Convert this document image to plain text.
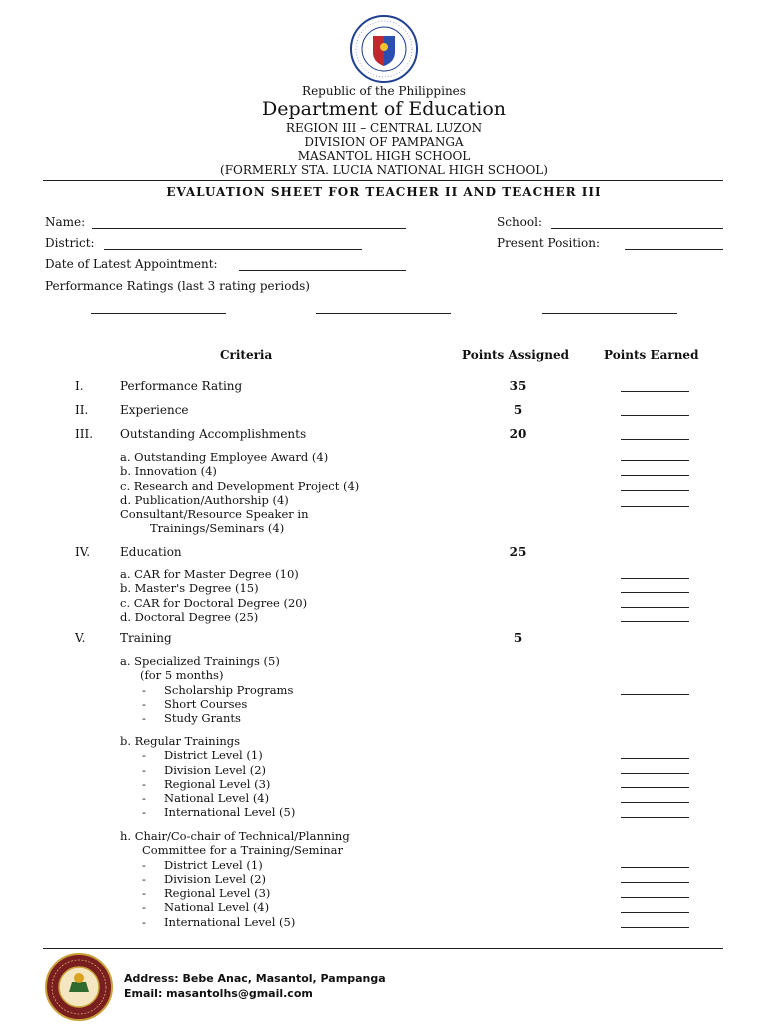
Republic of the Philippines
Department of Education
REGION III – CENTRAL LUZON
DIVISION OF PAMPANGA
MASANTOL HIGH SCHOOL
(FORMERLY STA. LUCIA NATIONAL HIGH SCHOOL)
EVALUATION SHEET FOR TEACHER II AND TEACHER III
Name:	School:
District:	Present Position:
Date of Latest Appointment:
Performance Ratings (last 3 rating periods)
Criteria	Points Assigned	Points Earned
I.	Performance Rating	35
II.	Experience	5
III. Outstanding Accomplishments	20
a. Outstanding Employee Award (4)
b. Innovation (4)
c. Research and Development Project (4)
d. Publication/Authorship (4)
Consultant/Resource Speaker in
Trainings/Seminars (4)
IV. Education	25
a. CAR for Master Degree (10)
b. Master's Degree (15)
c. CAR for Doctoral Degree (20)
d. Doctoral Degree (25)
V.	Training	5
a. Specialized Trainings (5)
(for 5 months)
- Scholarship Programs
- Short Courses
- Study Grants
b. Regular Trainings
- District Level (1)
- Division Level (2)
- Regional Level (3)
- National Level (4)
- International Level (5)
h. Chair/Co-chair of Technical/Planning
Committee for a Training/Seminar
- District Level (1)
- Division Level (2)
- Regional Level (3)
- National Level (4)
- International Level (5)
Address: Bebe Anac, Masantol, Pampanga
Email: masantolhs@gmail.com
